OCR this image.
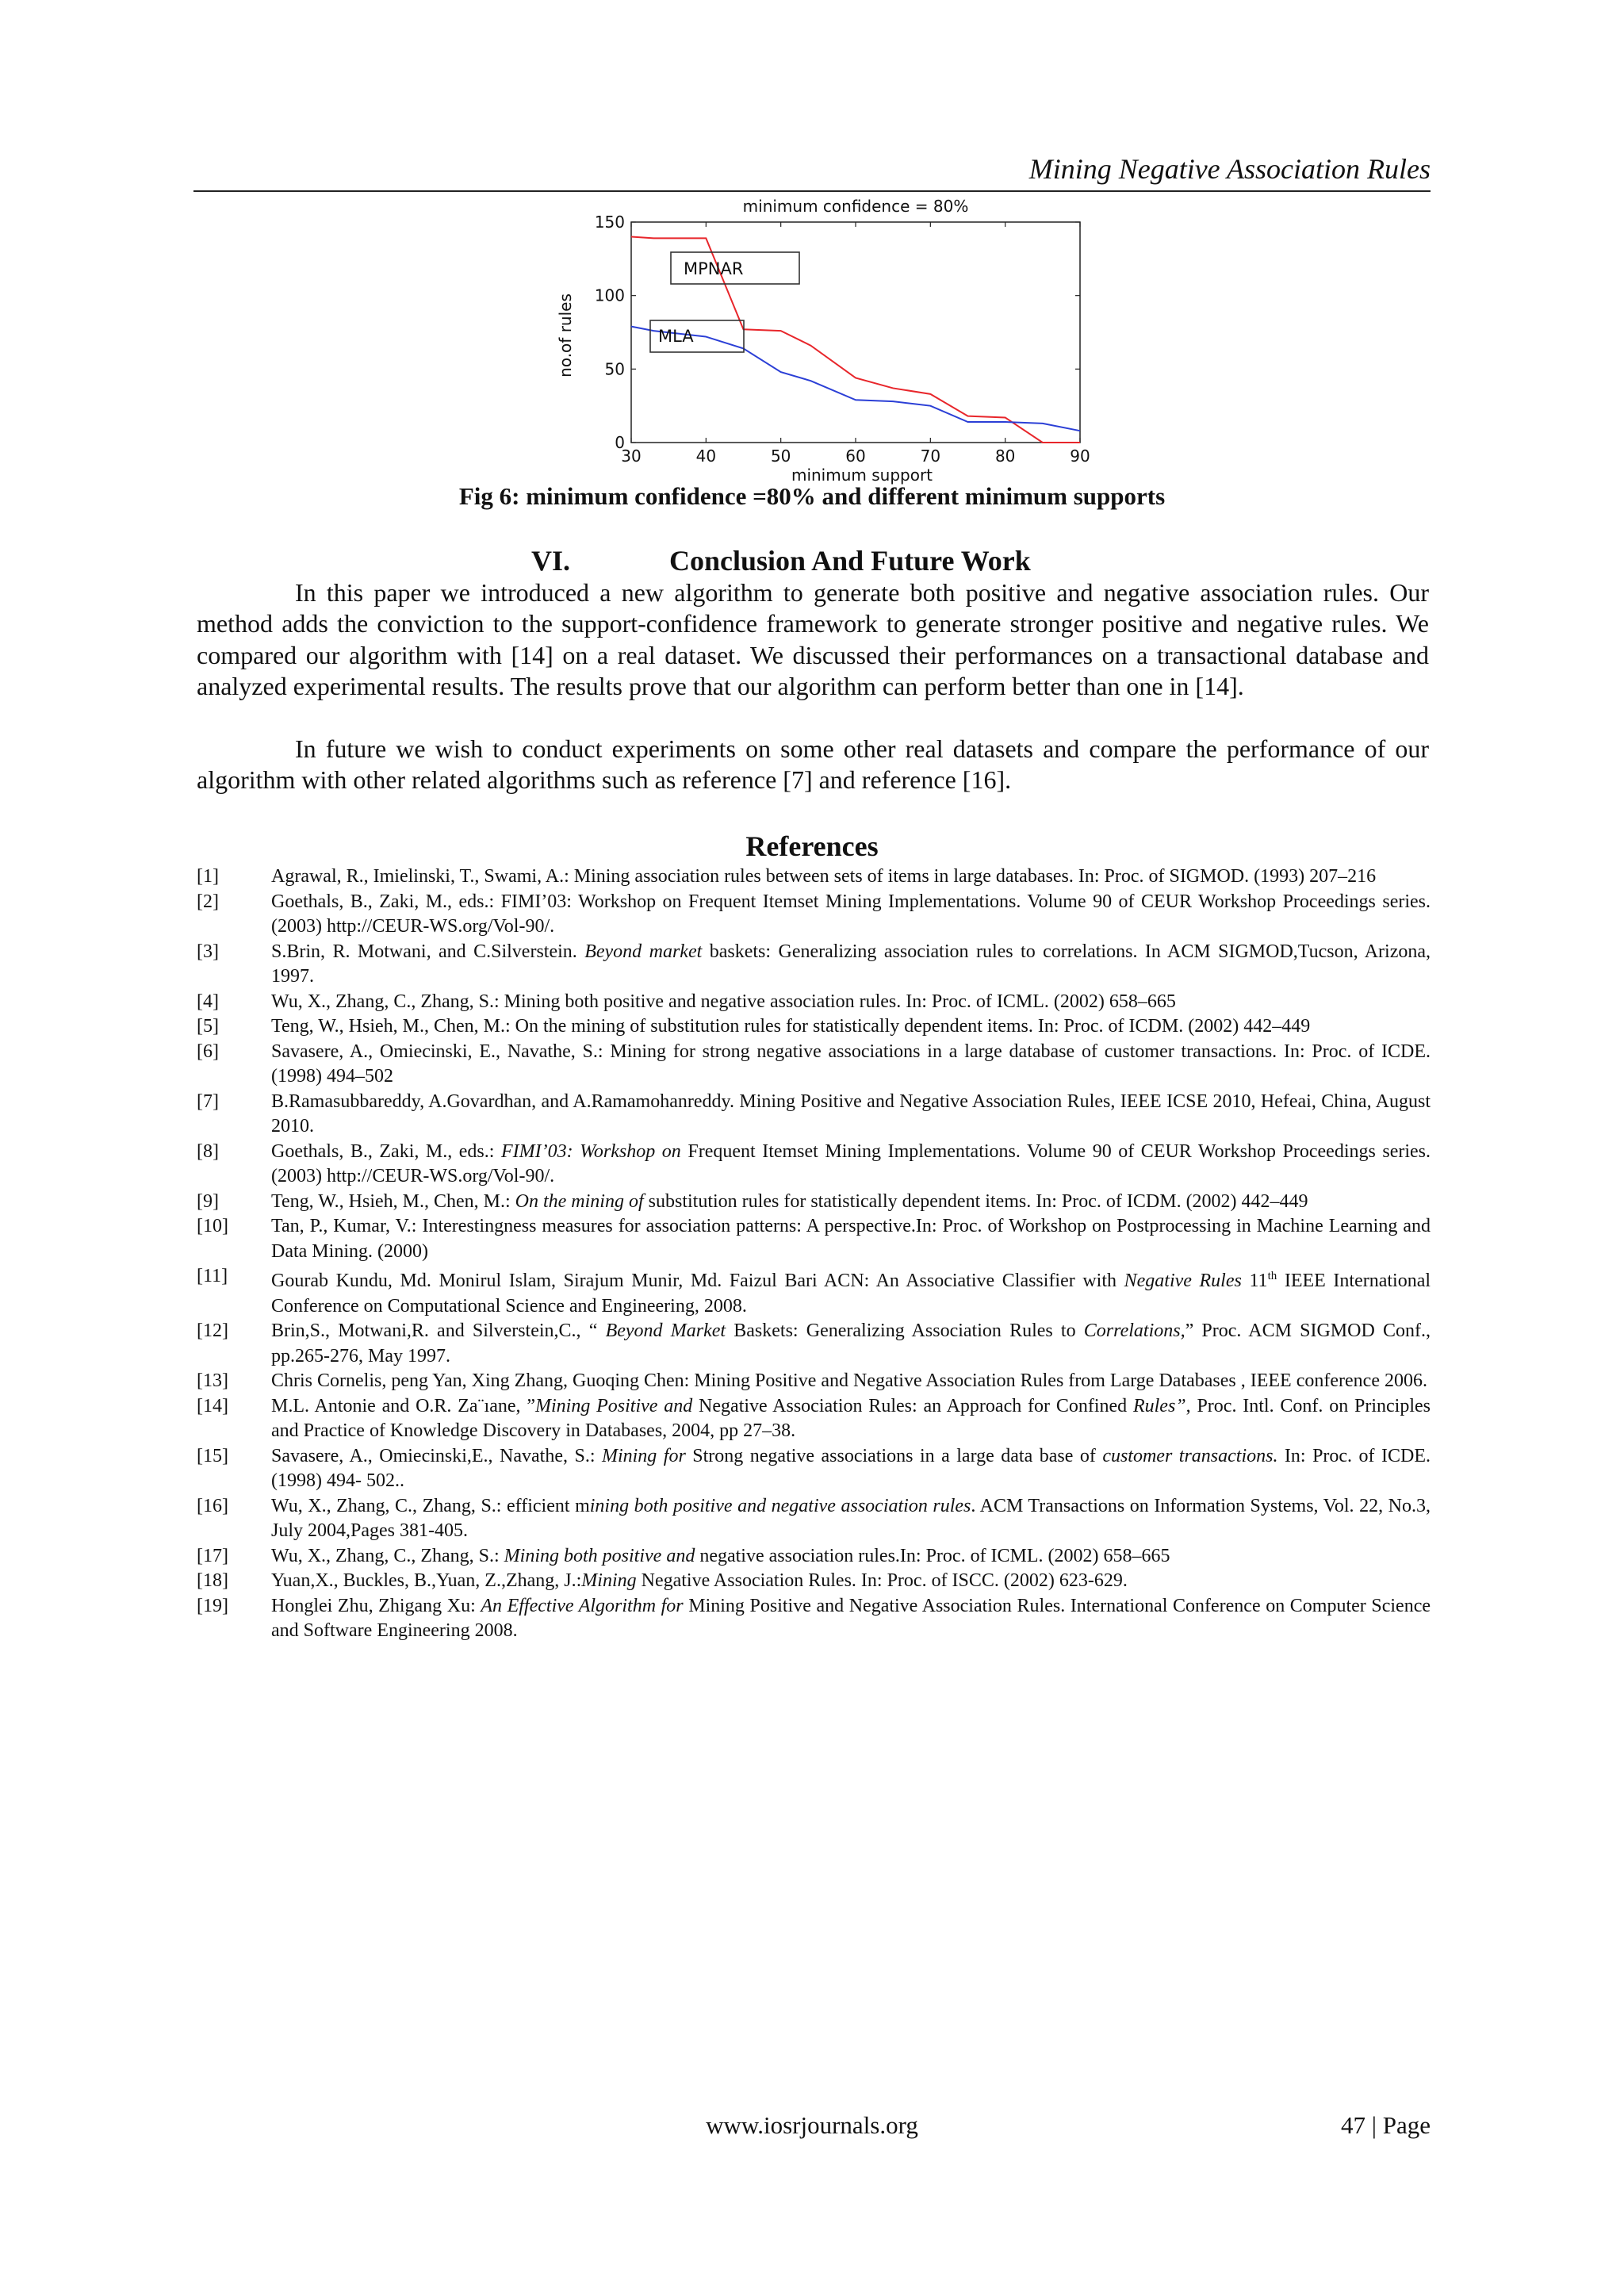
Mining Negative Association Rules
30	40	50	60	70	80	90
0
50
100
150
minimum confidence = 80%
minimum support
no.of rules
MPNAR
MLA
Fig 6: minimum confidence =80% and different minimum supports
VI.	Conclusion And Future Work

In this paper we introduced a new algorithm to generate both positive and negative association rules. Our method adds the conviction to the support-confidence framework to generate stronger positive and negative rules. We compared our algorithm with [14] on a real dataset. We discussed their performances on a transactional database and analyzed experimental results. The results prove that our algorithm can perform better than one in [14].

In future we wish to conduct experiments on some other real datasets and compare the performance of our algorithm with other related algorithms such as reference [7] and reference [16].

References
[1]	Agrawal, R., Imielinski, T., Swami, A.: Mining association rules between sets of items in large databases. In: Proc. of SIGMOD. (1993) 207–216
[2]	Goethals, B., Zaki, M., eds.: FIMI’03: Workshop on Frequent Itemset Mining Implementations. Volume 90 of CEUR Workshop Proceedings series. (2003) http://CEUR-WS.org/Vol-90/.
[3]	S.Brin, R. Motwani, and C.Silverstein. Beyond market baskets: Generalizing association rules to correlations. In ACM SIGMOD,Tucson, Arizona, 1997.
[4]	Wu, X., Zhang, C., Zhang, S.: Mining both positive and negative association rules. In: Proc. of ICML. (2002) 658–665
[5]	Teng, W., Hsieh, M., Chen, M.: On the mining of substitution rules for statistically dependent items. In: Proc. of ICDM. (2002) 442–449
[6]	Savasere, A., Omiecinski, E., Navathe, S.: Mining for strong negative associations in a large database of customer transactions. In: Proc. of ICDE. (1998) 494–502
[7]	B.Ramasubbareddy, A.Govardhan, and A.Ramamohanreddy. Mining Positive and Negative Association Rules, IEEE ICSE 2010, Hefeai, China, August 2010.
[8]	Goethals, B., Zaki, M., eds.: FIMI’03: Workshop on Frequent Itemset Mining Implementations. Volume 90 of CEUR Workshop Proceedings series. (2003) http://CEUR-WS.org/Vol-90/.
[9]	Teng, W., Hsieh, M., Chen, M.: On the mining of substitution rules for statistically dependent items. In: Proc. of ICDM. (2002) 442–449
[10] Tan, P., Kumar, V.: Interestingness measures for association patterns: A perspective.In: Proc. of Workshop on Postprocessing in Machine Learning and Data Mining. (2000)
[11] Gourab Kundu, Md. Monirul Islam, Sirajum Munir, Md. Faizul Bari ACN: An Associative Classifier with Negative Rules 11th IEEE International Conference on Computational Science and Engineering, 2008.
[12] Brin,S., Motwani,R. and Silverstein,C., “ Beyond Market Baskets: Generalizing Association Rules to Correlations,” Proc. ACM SIGMOD Conf., pp.265-276, May 1997.
[13] Chris Cornelis, peng Yan, Xing Zhang, Guoqing Chen: Mining Positive and Negative Association Rules from Large Databases , IEEE conference 2006.
[14] M.L. Antonie and O.R. Za¨ıane, ”Mining Positive and Negative Association Rules: an Approach for Confined Rules”, Proc. Intl. Conf. on Principles and Practice of Knowledge Discovery in Databases, 2004, pp 27–38.
[15] Savasere, A., Omiecinski,E., Navathe, S.: Mining for Strong negative associations in a large data base of customer transactions. In: Proc. of ICDE. (1998) 494- 502..
[16] Wu, X., Zhang, C., Zhang, S.: efficient mining both positive and negative association rules. ACM Transactions on Information Systems, Vol. 22, No.3, July 2004,Pages 381-405.
[17] Wu, X., Zhang, C., Zhang, S.: Mining both positive and negative association rules.In: Proc. of ICML. (2002) 658–665
[18] Yuan,X., Buckles, B.,Yuan, Z.,Zhang, J.:Mining Negative Association Rules. In: Proc. of ISCC. (2002) 623-629.
[19] Honglei Zhu, Zhigang Xu: An Effective Algorithm for Mining Positive and Negative Association Rules. International Conference on Computer Science and Software Engineering 2008.
www.iosrjournals.org	47 | Page
